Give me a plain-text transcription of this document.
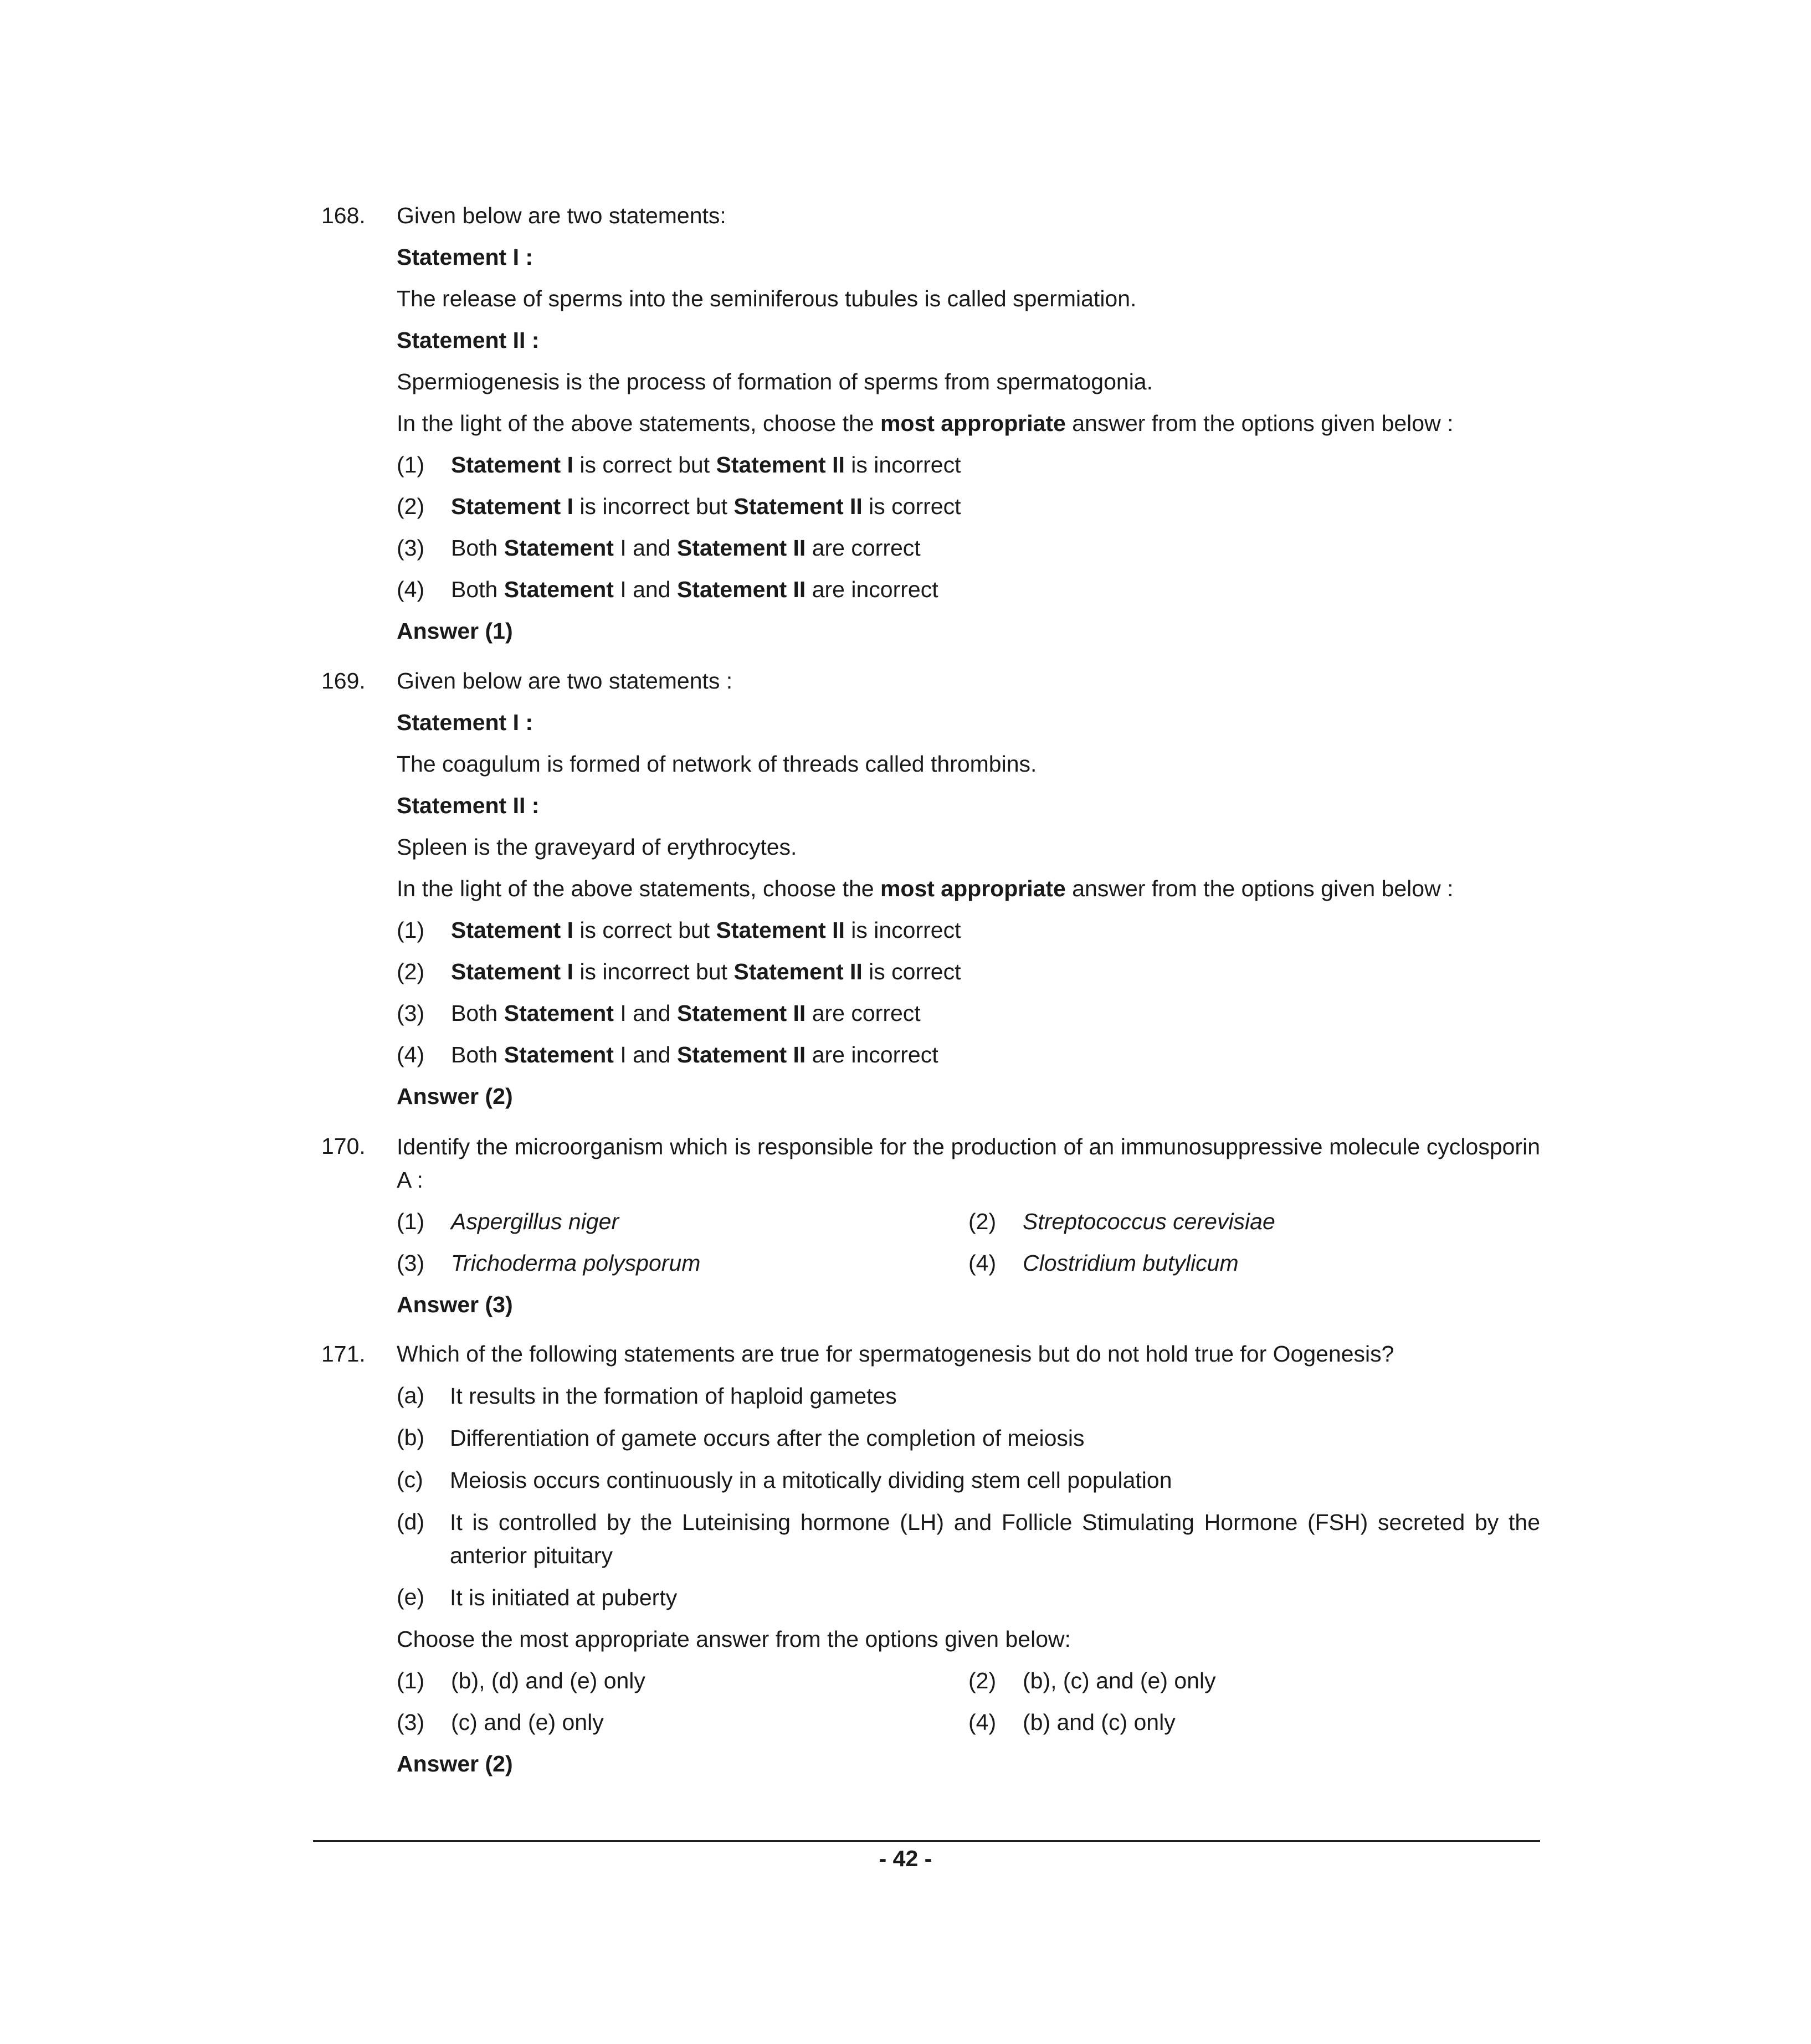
168.	Given below are two statements:
Statement I :
The release of sperms into the seminiferous tubules is called spermiation.
Statement II :
Spermiogenesis is the process of formation of sperms from spermatogonia.
In the light of the above statements, choose the most appropriate answer from the options given below :
(1) Statement I is correct but Statement II is incorrect
(2) Statement I is incorrect but Statement II is correct
(3) Both Statement I and Statement II are correct
(4) Both Statement I and Statement II are incorrect
Answer (1)
169.	Given below are two statements :
Statement I :
The coagulum is formed of network of threads called thrombins.
Statement II :
Spleen is the graveyard of erythrocytes.
In the light of the above statements, choose the most appropriate answer from the options given below :
(1) Statement I is correct but Statement II is incorrect
(2) Statement I is incorrect but Statement II is correct
(3) Both Statement I and Statement II are correct
(4) Both Statement I and Statement II are incorrect
Answer (2)
170.	Identify the microorganism which is responsible for the production of an immunosuppressive molecule cyclosporin A :
(1) Aspergillus niger	(2) Streptococcus cerevisiae
(3) Trichoderma polysporum	(4) Clostridium butylicum
Answer (3)
171.	Which of the following statements are true for spermatogenesis but do not hold true for Oogenesis?
(a)	It results in the formation of haploid gametes
(b)	Differentiation of gamete occurs after the completion of meiosis
(c)	Meiosis occurs continuously in a mitotically dividing stem cell population
(d)	It is controlled by the Luteinising hormone (LH) and Follicle Stimulating Hormone (FSH) secreted by the anterior pituitary
(e)	It is initiated at puberty
Choose the most appropriate answer from the options given below:
(1) (b), (d) and (e) only	(2) (b), (c) and (e) only
(3) (c) and (e) only	(4) (b) and (c) only
Answer (2)
- 42 -
